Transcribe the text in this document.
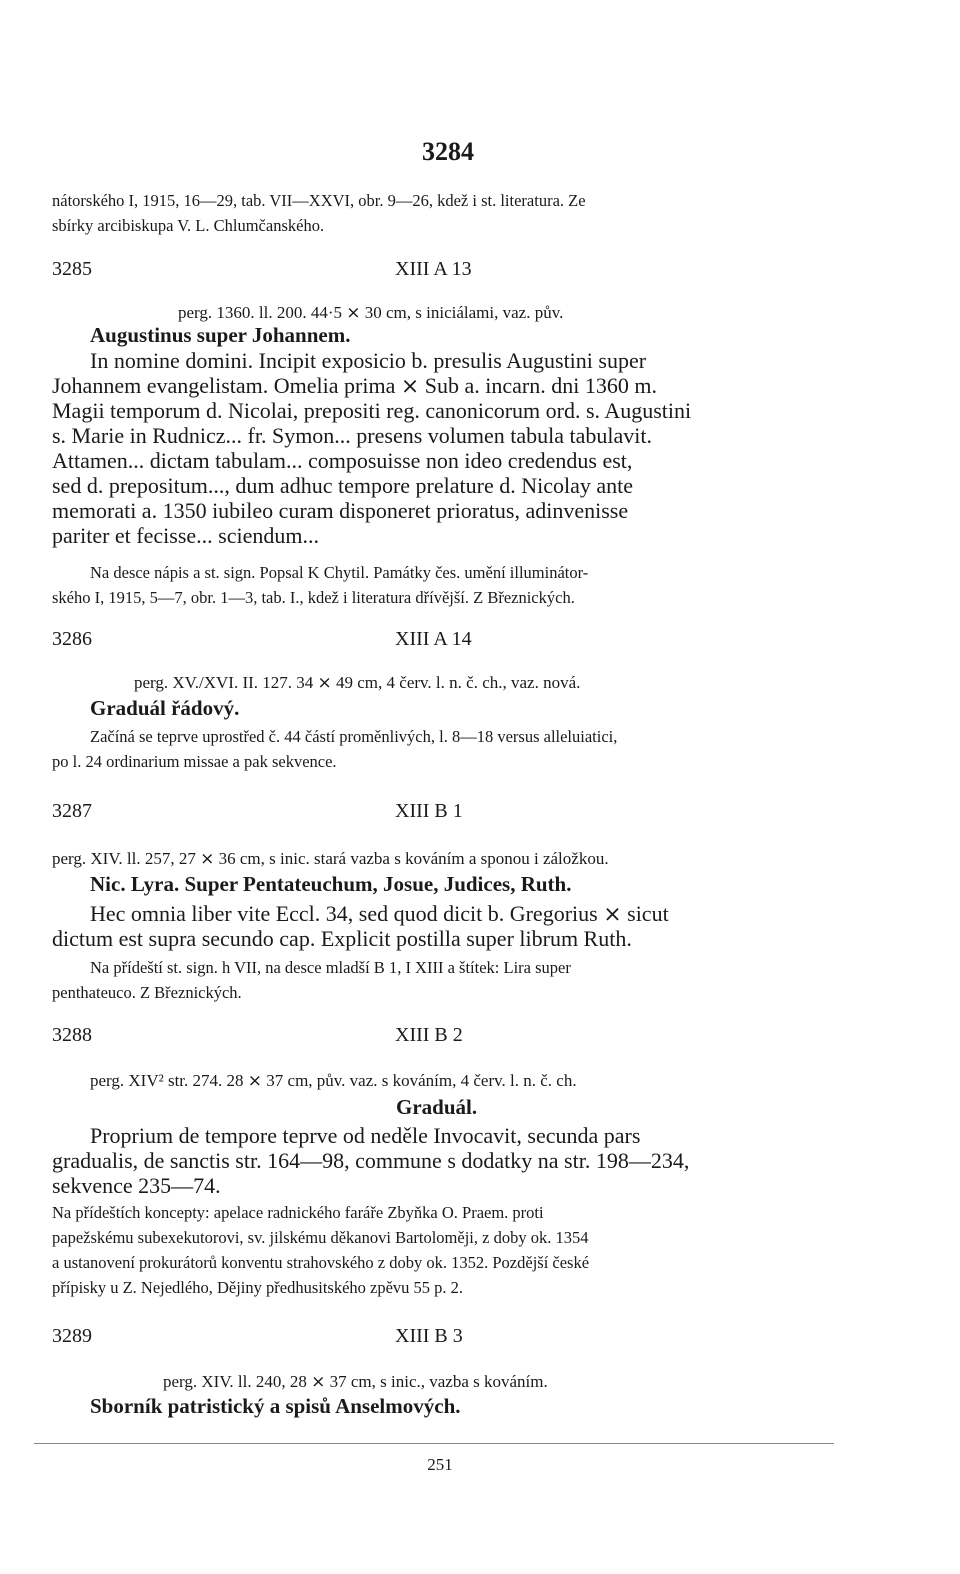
3284
nátorského I, 1915, 16—29, tab. VII—XXVI, obr. 9—26, kdež i st. literatura. Ze
sbírky arcibiskupa V. L. Chlumčanského.
3285	XIII A 13
perg. 1360. ll. 200. 44·5 ⨯ 30 cm, s iniciálami, vaz. pův.
Augustinus super Johannem.
In nomine domini. Incipit exposicio b. presulis Augustini super
Johannem evangelistam. Omelia prima ⨯ Sub a. incarn. dni 1360 m.
Magii temporum d. Nicolai, prepositi reg. canonicorum ord. s. Augustini
s. Marie in Rudnicz... fr. Symon... presens volumen tabula tabulavit.
Attamen... dictam tabulam... composuisse non ideo credendus est,
sed d. prepositum..., dum adhuc tempore prelature d. Nicolay ante
memorati a. 1350 iubileo curam disponeret prioratus, adinvenisse
pariter et fecisse... sciendum...
Na desce nápis a st. sign. Popsal K Chytil. Památky čes. umění illuminátor-
ského I, 1915, 5—7, obr. 1—3, tab. I., kdež i literatura dřívější. Z Březnických.
3286	XIII A 14
perg. XV./XVI. II. 127. 34 ⨯ 49 cm, 4 červ. l. n. č. ch., vaz. nová.
Graduál řádový.
Začíná se teprve uprostřed č. 44 částí proměnlivých, l. 8—18 versus alleluiatici,
po l. 24 ordinarium missae a pak sekvence.
3287	XIII B 1
perg. XIV. ll. 257, 27 ⨯ 36 cm, s inic. stará vazba s kováním a sponou i záložkou.
Nic. Lyra. Super Pentateuchum, Josue, Judices, Ruth.
Hec omnia liber vite Eccl. 34, sed quod dicit b. Gregorius ⨯ sicut
dictum est supra secundo cap. Explicit postilla super librum Ruth.
Na přídeští st. sign. h VII, na desce mladší B 1, I XIII a štítek: Lira super
penthateuco. Z Březnických.
3288	XIII B 2
perg. XIV² str. 274. 28 ⨯ 37 cm, pův. vaz. s kováním, 4 červ. l. n. č. ch.
Graduál.
Proprium de tempore teprve od neděle Invocavit, secunda pars
gradualis, de sanctis str. 164—98, commune s dodatky na str. 198—234,
sekvence 235—74.
Na přídeštích koncepty: apelace radnického faráře Zbyňka O. Praem. proti
papežskému subexekutorovi, sv. jilskému děkanovi Bartoloměji, z doby ok. 1354
a ustanovení prokurátorů konventu strahovského z doby ok. 1352. Pozdější české
přípisky u Z. Nejedlého, Dějiny předhusitského zpěvu 55 p. 2.
3289	XIII B 3
perg. XIV. ll. 240, 28 ⨯ 37 cm, s inic., vazba s kováním.
Sborník patristický a spisů Anselmových.
251
